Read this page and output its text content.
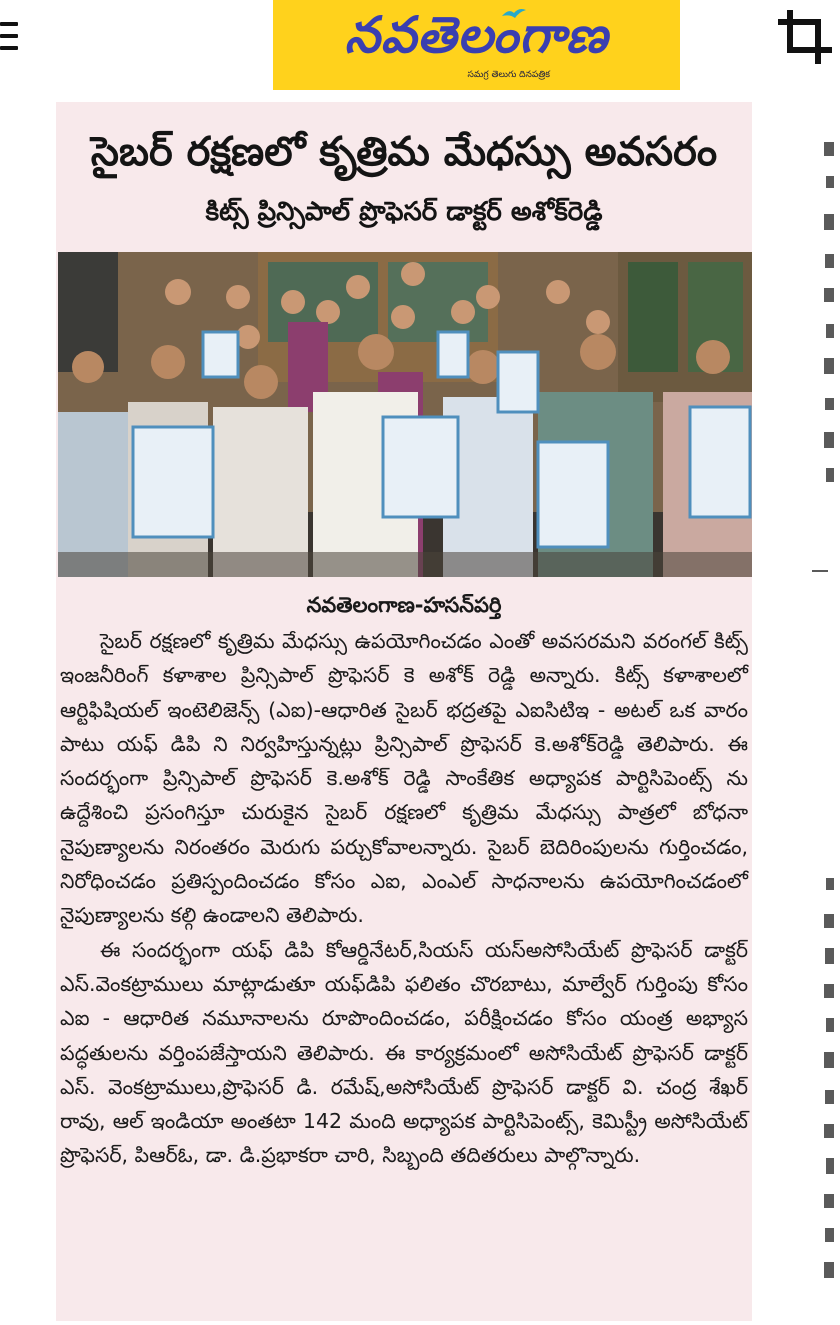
నవతెలంగాణ
సమగ్ర తెలుగు దినపత్రిక
సైబర్ రక్షణలో కృత్రిమ మేధస్సు అవసరం
కిట్స్ ప్రిన్సిపాల్ ప్రొఫెసర్ డాక్టర్ అశోక్‌రెడ్డి
నవతెలంగాణ-హసన్‌పర్తి

సైబర్ రక్షణలో కృత్రిమ మేధస్సు ఉపయోగించడం ఎంతో అవసరమని వరంగల్ కిట్స్ ఇంజనీరింగ్ కళాశాల ప్రిన్సిపాల్ ప్రొఫెసర్ కె అశోక్ రెడ్డి అన్నారు. కిట్స్ కళాశాలలో ఆర్టిఫిషియల్ ఇంటెలిజెన్స్ (ఎఐ)-ఆధారిత సైబర్ భద్రతపై ఎఐసిటిఇ - అటల్ ఒక వారం పాటు యఫ్ డిపి ని నిర్వహిస్తున్నట్లు ప్రిన్సిపాల్ ప్రొఫెసర్ కె.అశోక్‌రెడ్డి తెలిపారు. ఈ సందర్భంగా ప్రిన్సిపాల్ ప్రొఫెసర్ కె.అశోక్ రెడ్డి సాంకేతిక అధ్యాపక పార్టిసిపెంట్స్ ను ఉద్దేశించి ప్రసంగిస్తూ చురుకైన సైబర్ రక్షణలో కృత్రిమ మేధస్సు పాత్రలో బోధనా నైపుణ్యాలను నిరంతరం మెరుగు పర్చుకోవాలన్నారు. సైబర్ బెదిరింపులను గుర్తించడం, నిరోధించడం ప్రతిస్పందించడం కోసం ఎఐ, ఎంఎల్ సాధనాలను ఉపయోగించడంలో నైపుణ్యాలను కల్గి ఉండాలని తెలిపారు.

ఈ సందర్భంగా యఫ్ డిపి కోఆర్డినేటర్,సియస్ యస్‌అసోసియేట్ ప్రొఫెసర్ డాక్టర్ ఎస్.వెంకట్రాములు మాట్లాడుతూ యఫ్‌డిపి ఫలితం చొరబాటు, మాల్వేర్ గుర్తింపు కోసం ఎఐ - ఆధారిత నమూనాలను రూపొందించడం, పరీక్షించడం కోసం యంత్ర అభ్యాస పద్ధతులను వర్తింపజేస్తాయని తెలిపారు. ఈ కార్యక్రమంలో అసోసియేట్ ప్రొఫెసర్ డాక్టర్ ఎస్. వెంకట్రాములు,ప్రొఫెసర్ డి. రమేష్,అసోసియేట్ ప్రొఫెసర్ డాక్టర్ వి. చంద్ర శేఖర్ రావు, ఆల్ ఇండియా అంతటా 142 మంది అధ్యాపక పార్టిసిపెంట్స్, కెమిస్ట్రీ అసోసియేట్ ప్రొఫెసర్, పిఆర్ఓ, డా. డి.ప్రభాకరా చారి, సిబ్బంది తదితరులు పాల్గొన్నారు.
